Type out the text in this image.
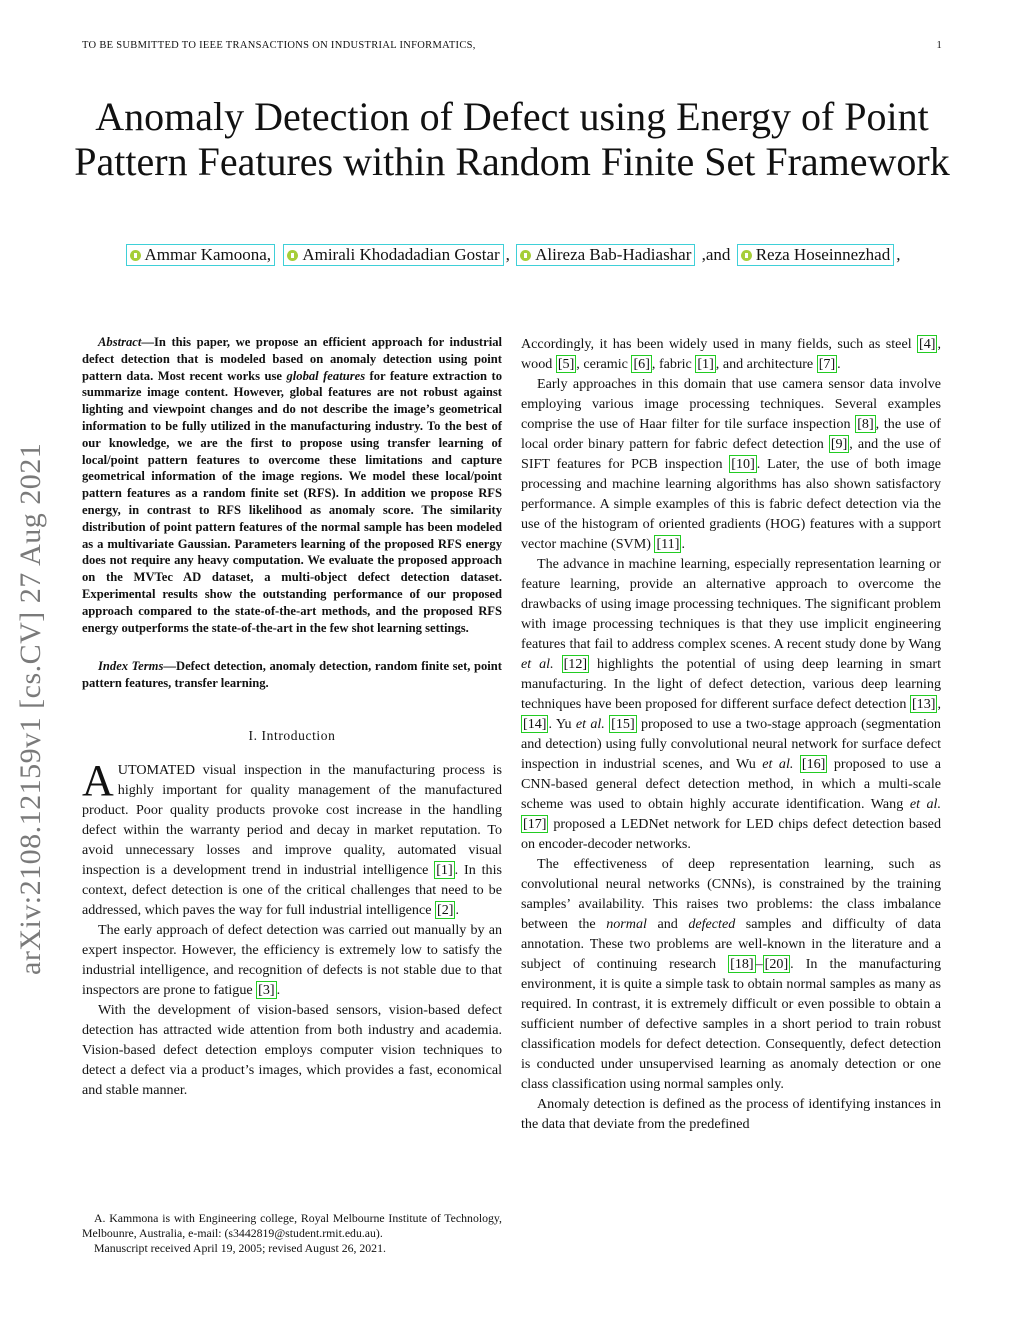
TO BE SUBMITTED TO IEEE TRANSACTIONS ON INDUSTRIAL INFORMATICS,	1
Anomaly Detection of Defect using Energy of Point Pattern Features within Random Finite Set Framework
Ammar Kamoona, Amirali Khodadadian Gostar , Alireza Bab-Hadiashar ,and Reza Hoseinnezhad ,
arXiv:2108.12159v1 [cs.CV] 27 Aug 2021

Abstract—In this paper, we propose an efficient approach for industrial defect detection that is modeled based on anomaly detection using point pattern data. Most recent works use global features for feature extraction to summarize image content. However, global features are not robust against lighting and viewpoint changes and do not describe the image’s geometrical information to be fully utilized in the manufacturing industry. To the best of our knowledge, we are the first to propose using transfer learning of local/point pattern features to overcome these limitations and capture geometrical information of the image regions. We model these local/point pattern features as a random finite set (RFS). In addition we propose RFS energy, in contrast to RFS likelihood as anomaly score. The similarity distribution of point pattern features of the normal sample has been modeled as a multivariate Gaussian. Parameters learning of the proposed RFS energy does not require any heavy computation. We evaluate the proposed approach on the MVTec AD dataset, a multi-object defect detection dataset. Experimental results show the outstanding performance of our proposed approach compared to the state-of-the-art methods, and the proposed RFS energy outperforms the state-of-the-art in the few shot learning settings.

Index Terms—Defect detection, anomaly detection, random finite set, point pattern features, transfer learning.

I. Introduction

AUTOMATED visual inspection in the manufacturing process is highly important for quality management of the manufactured product. Poor quality products provoke cost increase in the handling defect within the warranty period and decay in market reputation. To avoid unnecessary losses and improve quality, automated visual inspection is a development trend in industrial intelligence [1] . In this context, defect detection is one of the critical challenges that need to be addressed, which paves the way for full industrial intelligence [2] .

The early approach of defect detection was carried out manually by an expert inspector. However, the efficiency is extremely low to satisfy the industrial intelligence, and recognition of defects is not stable due to that inspectors are prone to fatigue [3] .

With the development of vision-based sensors, vision-based defect detection has attracted wide attention from both industry and academia. Vision-based defect detection employs computer vision techniques to detect a defect via a product’s images, which provides a fast, economical and stable manner.

A. Kammona is with Engineering college, Royal Melbourne Institute of Technology, Melbounre, Australia, e-mail: (s3442819@student.rmit.edu.au).

Manuscript received April 19, 2005; revised August 26, 2021.

Accordingly, it has been widely used in many fields, such as steel [4] , wood [5] , ceramic [6] , fabric [1] , and architecture [7] .

Early approaches in this domain that use camera sensor data involve employing various image processing techniques. Several examples comprise the use of Haar filter for tile surface inspection [8] , the use of local order binary pattern for fabric defect detection [9] , and the use of SIFT features for PCB inspection [10] . Later, the use of both image processing and machine learning algorithms has also shown satisfactory performance. A simple examples of this is fabric defect detection via the use of the histogram of oriented gradients (HOG) features with a support vector machine (SVM) [11] .

The advance in machine learning, especially representation learning or feature learning, provide an alternative approach to overcome the drawbacks of using image processing techniques. The significant problem with image processing techniques is that they use implicit engineering features that fail to address complex scenes. A recent study done by Wang et al. [12] highlights the potential of using deep learning in smart manufacturing. In the light of defect detection, various deep learning techniques have been proposed for different surface defect detection [13] , [14] . Yu et al. [15] proposed to use a two-stage approach (segmentation and detection) using fully convolutional neural network for surface defect inspection in industrial scenes, and Wu et al. [16] proposed to use a CNN-based general defect detection method, in which a multi-scale scheme was used to obtain highly accurate identification. Wang et al. [17] proposed a LEDNet network for LED chips defect detection based on encoder-decoder networks.

The effectiveness of deep representation learning, such as convolutional neural networks (CNNs), is constrained by the training samples’ availability. This raises two problems: the class imbalance between the normal and defected samples and difficulty of data annotation. These two problems are well-known in the literature and a subject of continuing research [18] – [20] . In the manufacturing environment, it is quite a simple task to obtain normal samples as many as required. In contrast, it is extremely difficult or even possible to obtain a sufficient number of defective samples in a short period to train robust classification models for defect detection. Consequently, defect detection is conducted under unsupervised learning as anomaly detection or one class classification using normal samples only.

Anomaly detection is defined as the process of identifying instances in the data that deviate from the predefined
